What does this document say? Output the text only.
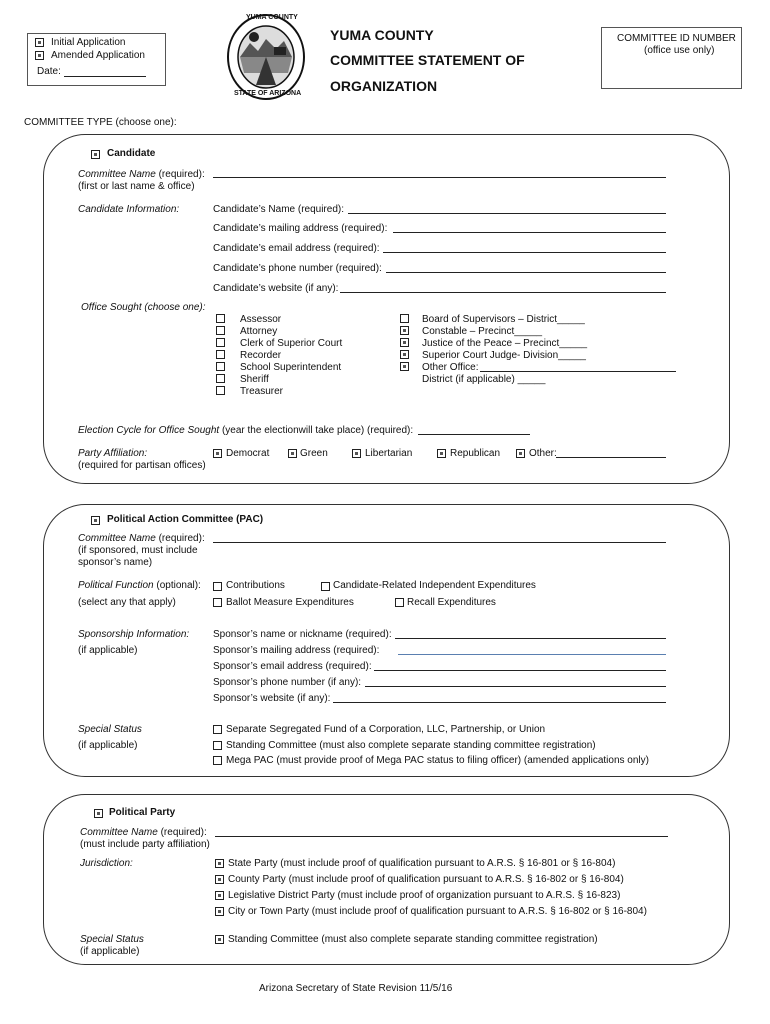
Initial Application
Amended Application
Date:
YUMA COUNTY
STATE OF ARIZONA
YUMA COUNTY
COMMITTEE STATEMENT OF
ORGANIZATION
COMMITTEE ID NUMBER
(office use only)
COMMITTEE TYPE (choose one):
Candidate
Committee Name (required):
(first or last name & office)
Candidate Information:	Candidate’s Name (required):
Candidate’s mailing address (required):
Candidate’s email address (required):
Candidate’s phone number (required):
Candidate’s website (if any):
Office Sought (choose one):
Assessor
Attorney
Clerk of Superior Court
Recorder
School Superintendent
Sheriff
Treasurer
Board of Supervisors – District_____
Constable – Precinct_____
Justice of the Peace – Precinct_____
Superior Court Judge- Division_____
Other Office:
District (if applicable) _____
Election Cycle for Office Sought (year the electionwill take place) (required):
Party Affiliation:
(required for partisan offices)
Democrat	Green	Libertarian	Republican	Other:
Political Action Committee (PAC)
Committee Name (required):
(if sponsored, must include
sponsor’s name)
Political Function (optional):
(select any that apply)
Contributions	Candidate-Related Independent Expenditures
Ballot Measure Expenditures	Recall Expenditures
Sponsorship Information:
(if applicable)
Sponsor’s name or nickname (required):
Sponsor’s mailing address (required):
Sponsor’s email address (required):
Sponsor’s phone number (if any):
Sponsor’s website (if any):
Special Status
(if applicable)
Separate Segregated Fund of a Corporation, LLC, Partnership, or Union
Standing Committee (must also complete separate standing committee registration)
Mega PAC (must provide proof of Mega PAC status to filing officer) (amended applications only)
Political Party
Committee Name (required):
(must include party affiliation)
Jurisdiction:	State Party (must include proof of qualification pursuant to A.R.S. § 16-801 or § 16-804)
County Party (must include proof of qualification pursuant to A.R.S. § 16-802 or § 16-804)
Legislative District Party (must include proof of organization pursuant to A.R.S. § 16-823)
City or Town Party (must include proof of qualification pursuant to A.R.S. § 16-802 or § 16-804)
Special Status
(if applicable)
Standing Committee (must also complete separate standing committee registration)
Arizona Secretary of State Revision 11/5/16
